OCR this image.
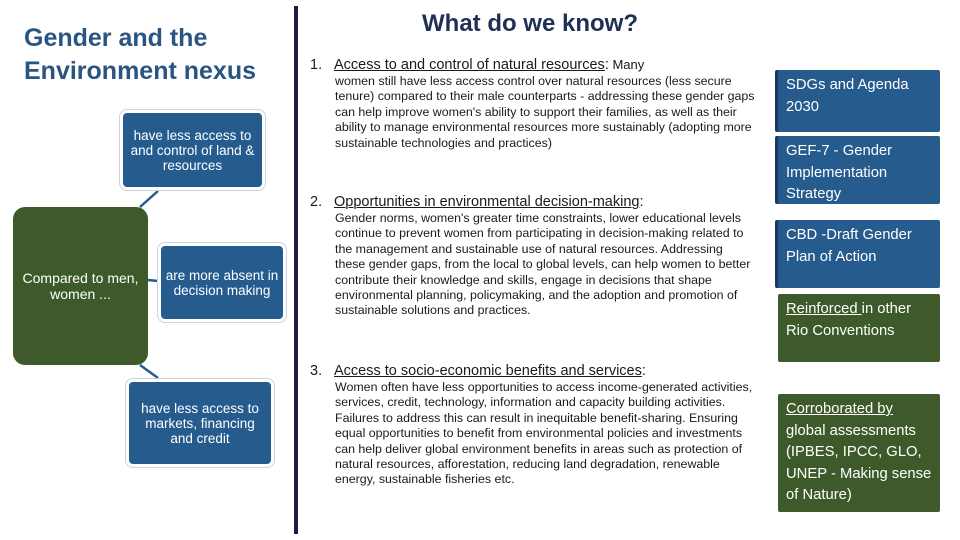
Gender and the Environment nexus
What do we know?
Compared to men, women ...
have less access to and control of land & resources
are more absent in decision making
have less access to markets, financing and credit

1. Access to and control of natural resources: Many

women still have less access control over natural resources (less secure tenure) compared to their male counterparts - addressing these gender gaps can help improve women's ability to support their families, as well as their ability to manage environmental resources more sustainably (adopting more sustainable technologies and practices)

2. Opportunities in environmental decision-making:

Gender norms, women's greater time constraints, lower educational levels continue to prevent women from participating in decision-making related to the management and sustainable use of natural resources. Addressing these gender gaps, from the local to global levels, can help women to better contribute their knowledge and skills, engage in decisions that shape environmental planning, policymaking, and the adoption and promotion of sustainable solutions and practices.

3. Access to socio-economic benefits and services:

Women often have less opportunities to access income-generated activities, services, credit, technology, information and capacity building activities. Failures to address this can result in inequitable benefit-sharing. Ensuring equal opportunities to benefit from environmental policies and investments can help deliver global environment benefits in areas such as protection of natural resources, afforestation, reducing land degradation, renewable energy, sustainable fisheries etc.

SDGs and Agenda 2030
GEF-7 - Gender Implementation Strategy
CBD -Draft Gender Plan of Action
Reinforced in other Rio Conventions
Corroborated by global assessments (IPBES, IPCC, GLO, UNEP - Making sense of Nature)
